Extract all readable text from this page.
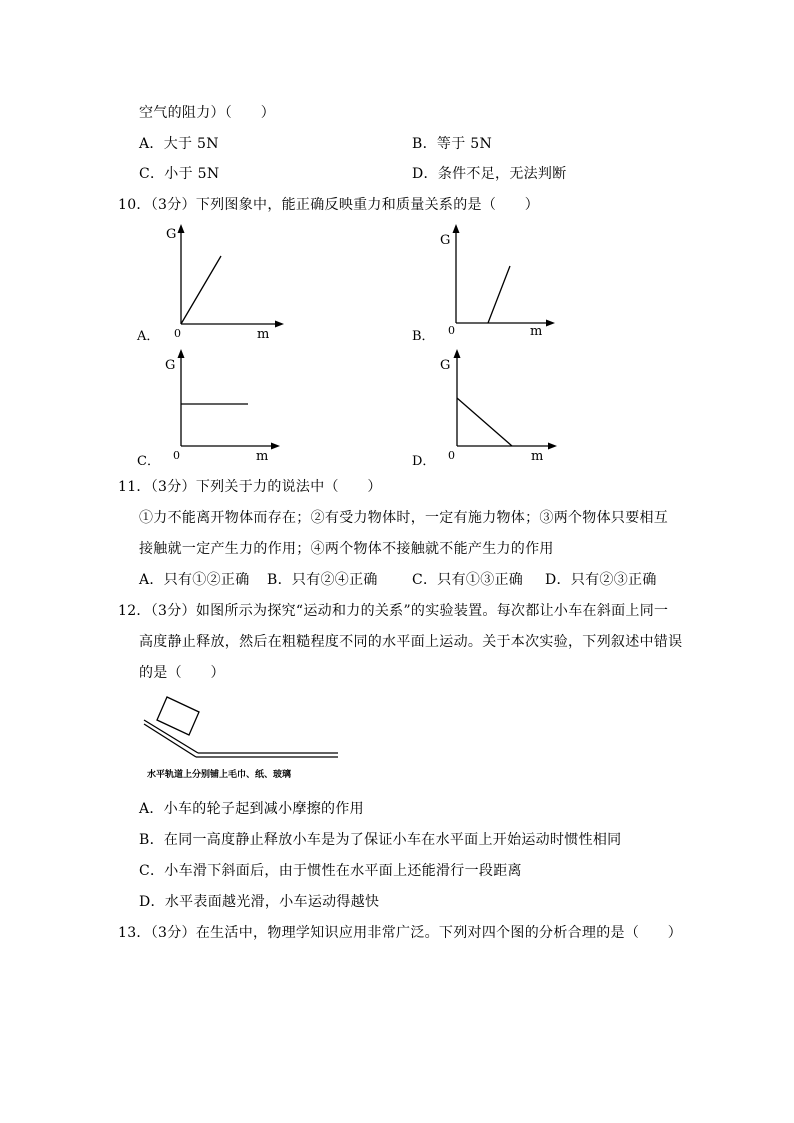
空气的阻力）（　　）
A．大于 5N	B．等于 5N
C．小于 5N	D．条件不足，无法判断
10．（3分）下列图象中，能正确反映重力和质量关系的是（　　）
G
m
0
A．
G
m
0
B．
G
m
0
C．
G
m
0
D．
11．（3分）下列关于力的说法中（　　）
①力不能离开物体而存在；②有受力物体时，一定有施力物体；③两个物体只要相互
接触就一定产生力的作用；④两个物体不接触就不能产生力的作用
A．只有①②正确 B．只有②④正确 C．只有①③正确 D．只有②③正确
12．（3分）如图所示为探究“运动和力的关系”的实验装置。每次都让小车在斜面上同一
高度静止释放，然后在粗糙程度不同的水平面上运动。关于本次实验，下列叙述中错误
的是（　　）
水平轨道上分别铺上毛巾、纸、玻璃
A．小车的轮子起到减小摩擦的作用
B．在同一高度静止释放小车是为了保证小车在水平面上开始运动时惯性相同
C．小车滑下斜面后，由于惯性在水平面上还能滑行一段距离
D．水平表面越光滑，小车运动得越快
13．（3分）在生活中，物理学知识应用非常广泛。下列对四个图的分析合理的是（　　）
